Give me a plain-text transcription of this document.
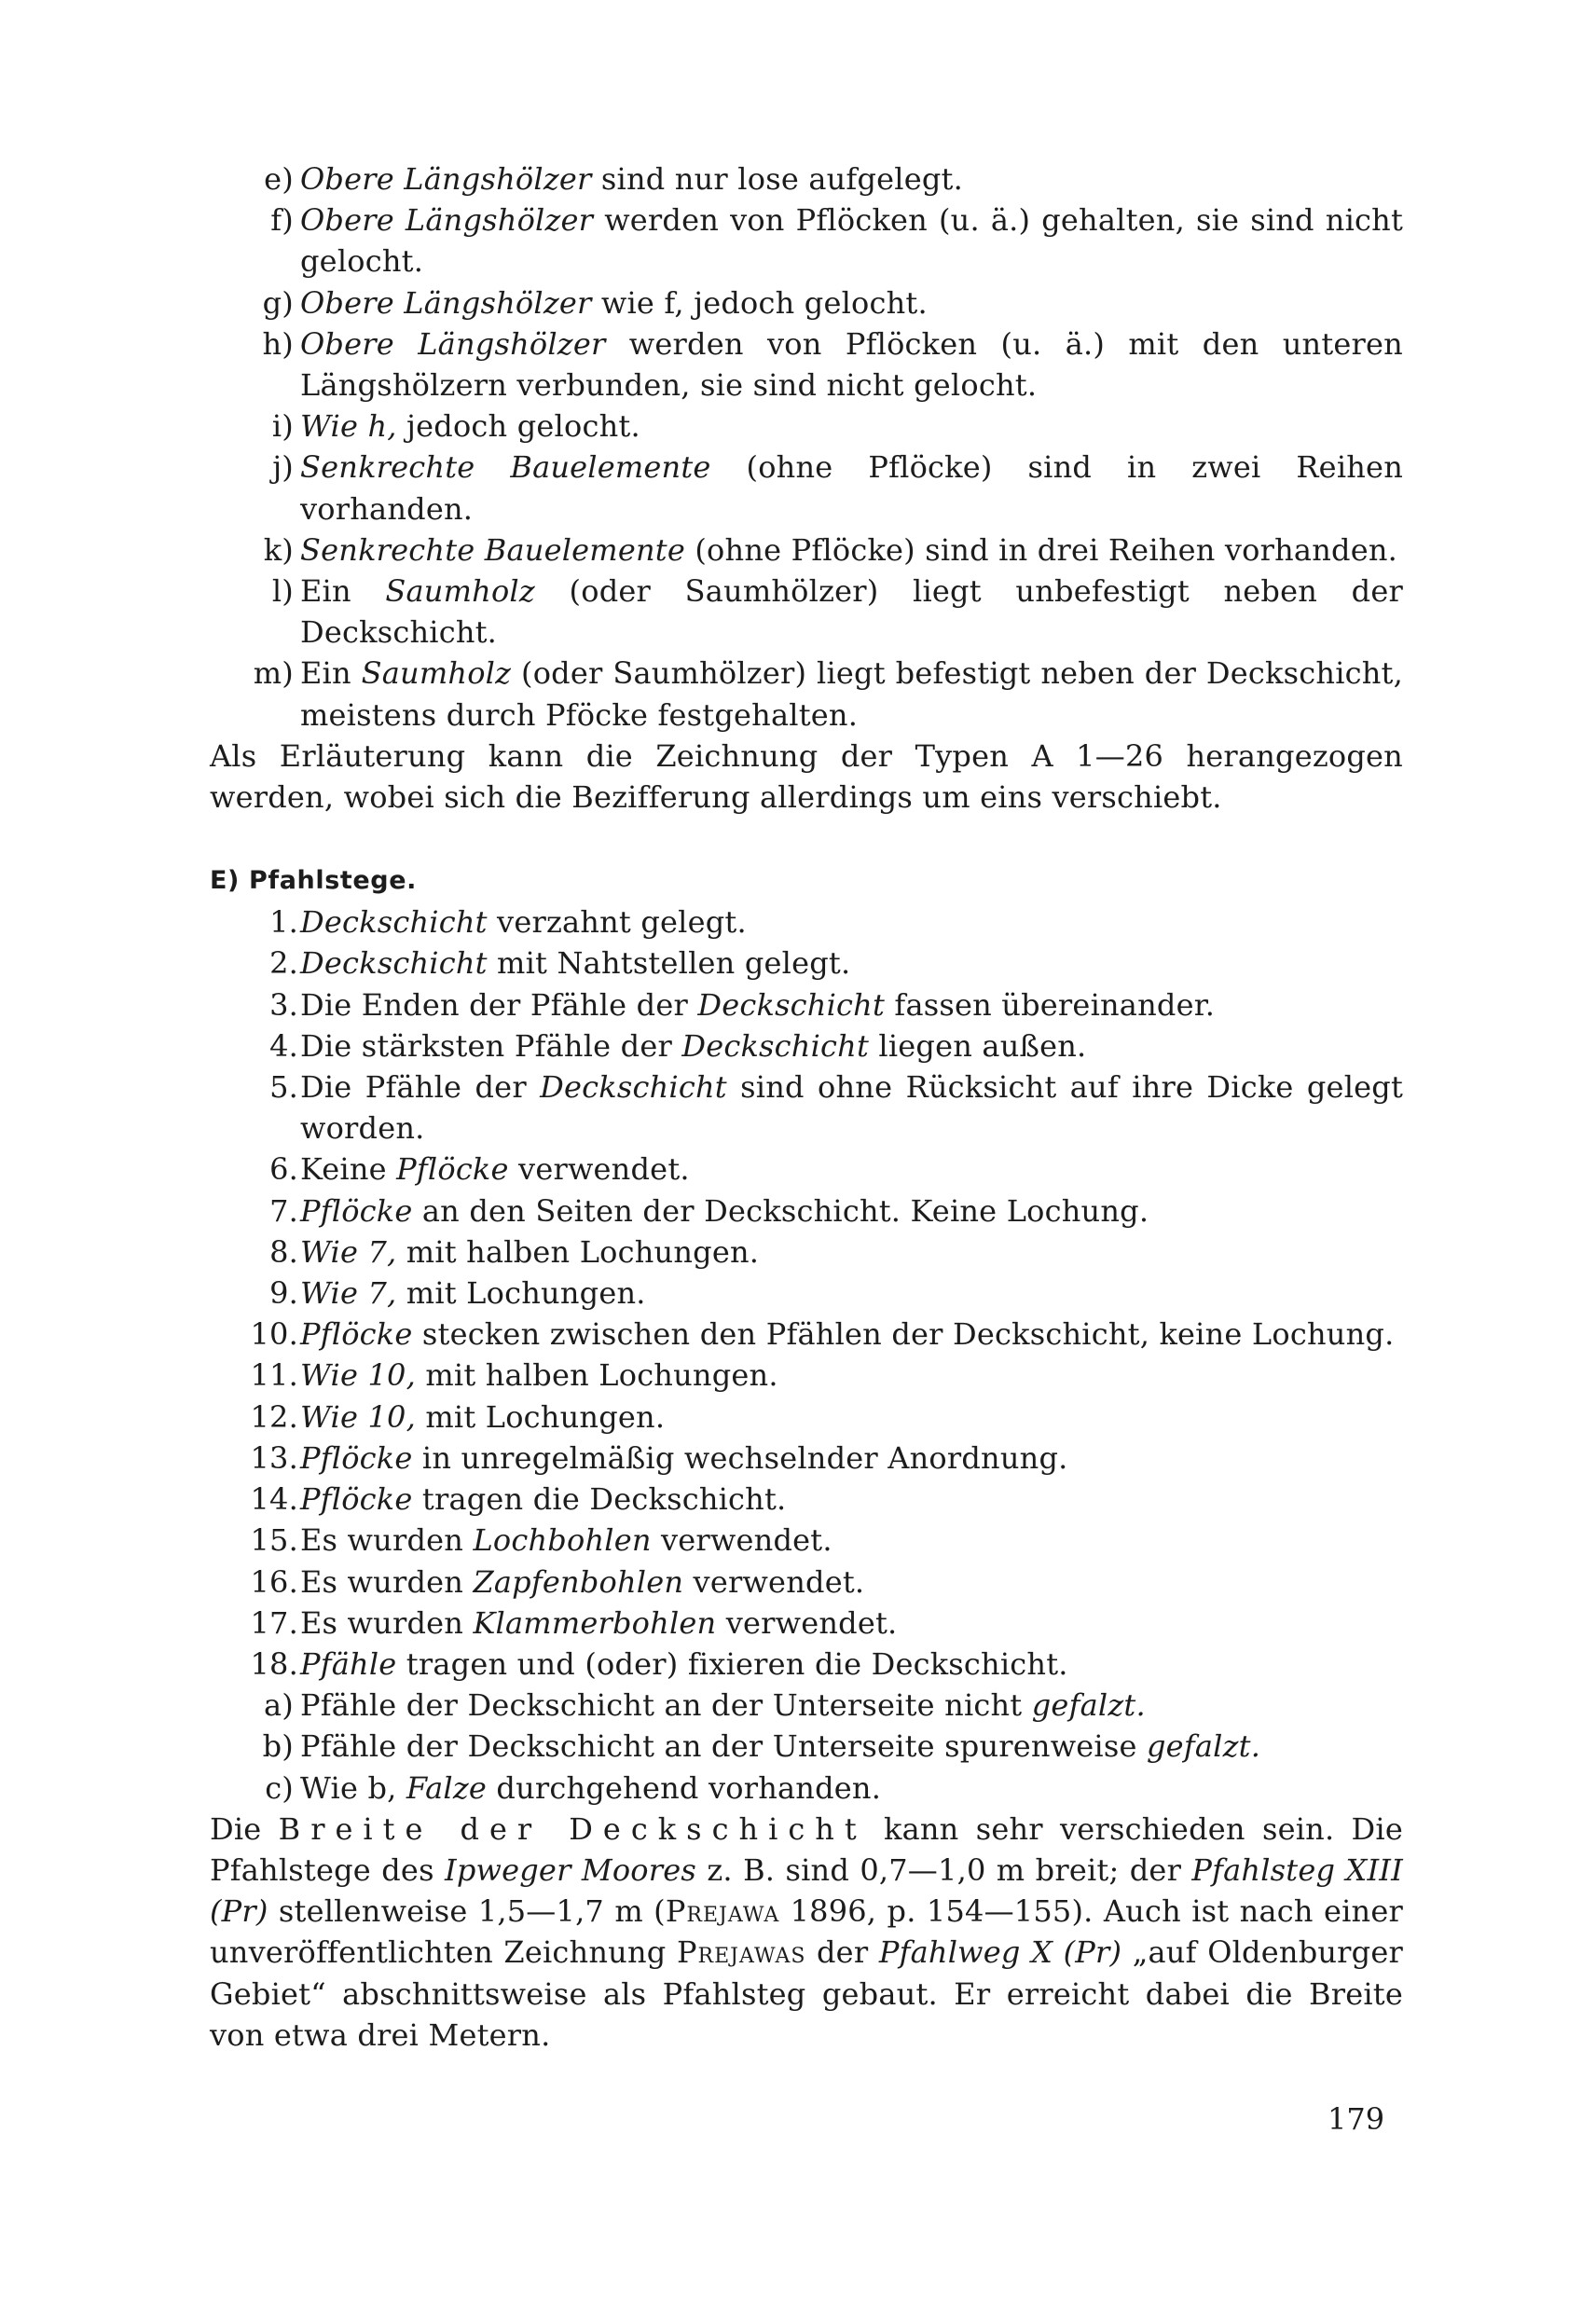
e) Obere Längshölzer sind nur lose aufgelegt.
f) Obere Längshölzer werden von Pflöcken (u. ä.) gehalten, sie sind nicht gelocht.
g) Obere Längshölzer wie f, jedoch gelocht.
h) Obere Längshölzer werden von Pflöcken (u. ä.) mit den unteren Längshölzern verbunden, sie sind nicht gelocht.
i) Wie h, jedoch gelocht.
j) Senkrechte Bauelemente (ohne Pflöcke) sind in zwei Reihen vorhanden.
k) Senkrechte Bauelemente (ohne Pflöcke) sind in drei Reihen vorhanden.
l) Ein Saumholz (oder Saumhölzer) liegt unbefestigt neben der Deckschicht.
m) Ein Saumholz (oder Saumhölzer) liegt befestigt neben der Deckschicht, meistens durch Pföcke festgehalten.

Als Erläuterung kann die Zeichnung der Typen A 1—26 herangezogen werden, wobei sich die Bezifferung allerdings um eins verschiebt.

E) Pfahlstege.
1. Deckschicht verzahnt gelegt.
2. Deckschicht mit Nahtstellen gelegt.
3. Die Enden der Pfähle der Deckschicht fassen übereinander.
4. Die stärksten Pfähle der Deckschicht liegen außen.
5. Die Pfähle der Deckschicht sind ohne Rücksicht auf ihre Dicke gelegt worden.
6. Keine Pflöcke verwendet.
7. Pflöcke an den Seiten der Deckschicht. Keine Lochung.
8. Wie 7, mit halben Lochungen.
9. Wie 7, mit Lochungen.
10. Pflöcke stecken zwischen den Pfählen der Deckschicht, keine Lochung.
11. Wie 10, mit halben Lochungen.
12. Wie 10, mit Lochungen.
13. Pflöcke in unregelmäßig wechselnder Anordnung.
14. Pflöcke tragen die Deckschicht.
15. Es wurden Lochbohlen verwendet.
16. Es wurden Zapfenbohlen verwendet.
17. Es wurden Klammerbohlen verwendet.
18. Pfähle tragen und (oder) fixieren die Deckschicht.
a) Pfähle der Deckschicht an der Unterseite nicht gefalzt.
b) Pfähle der Deckschicht an der Unterseite spurenweise gefalzt.
c) Wie b, Falze durchgehend vorhanden.

Die Breite der Deckschicht kann sehr verschieden sein. Die Pfahlstege des Ipweger Moores z. B. sind 0,7—1,0 m breit; der Pfahlsteg XIII (Pr) stellenweise 1,5—1,7 m (Prejawa 1896, p. 154—155). Auch ist nach einer unveröffentlichten Zeichnung Prejawas der Pfahlweg X (Pr) „auf Oldenburger Gebiet“ abschnittsweise als Pfahlsteg gebaut. Er erreicht dabei die Breite von etwa drei Metern.

179
